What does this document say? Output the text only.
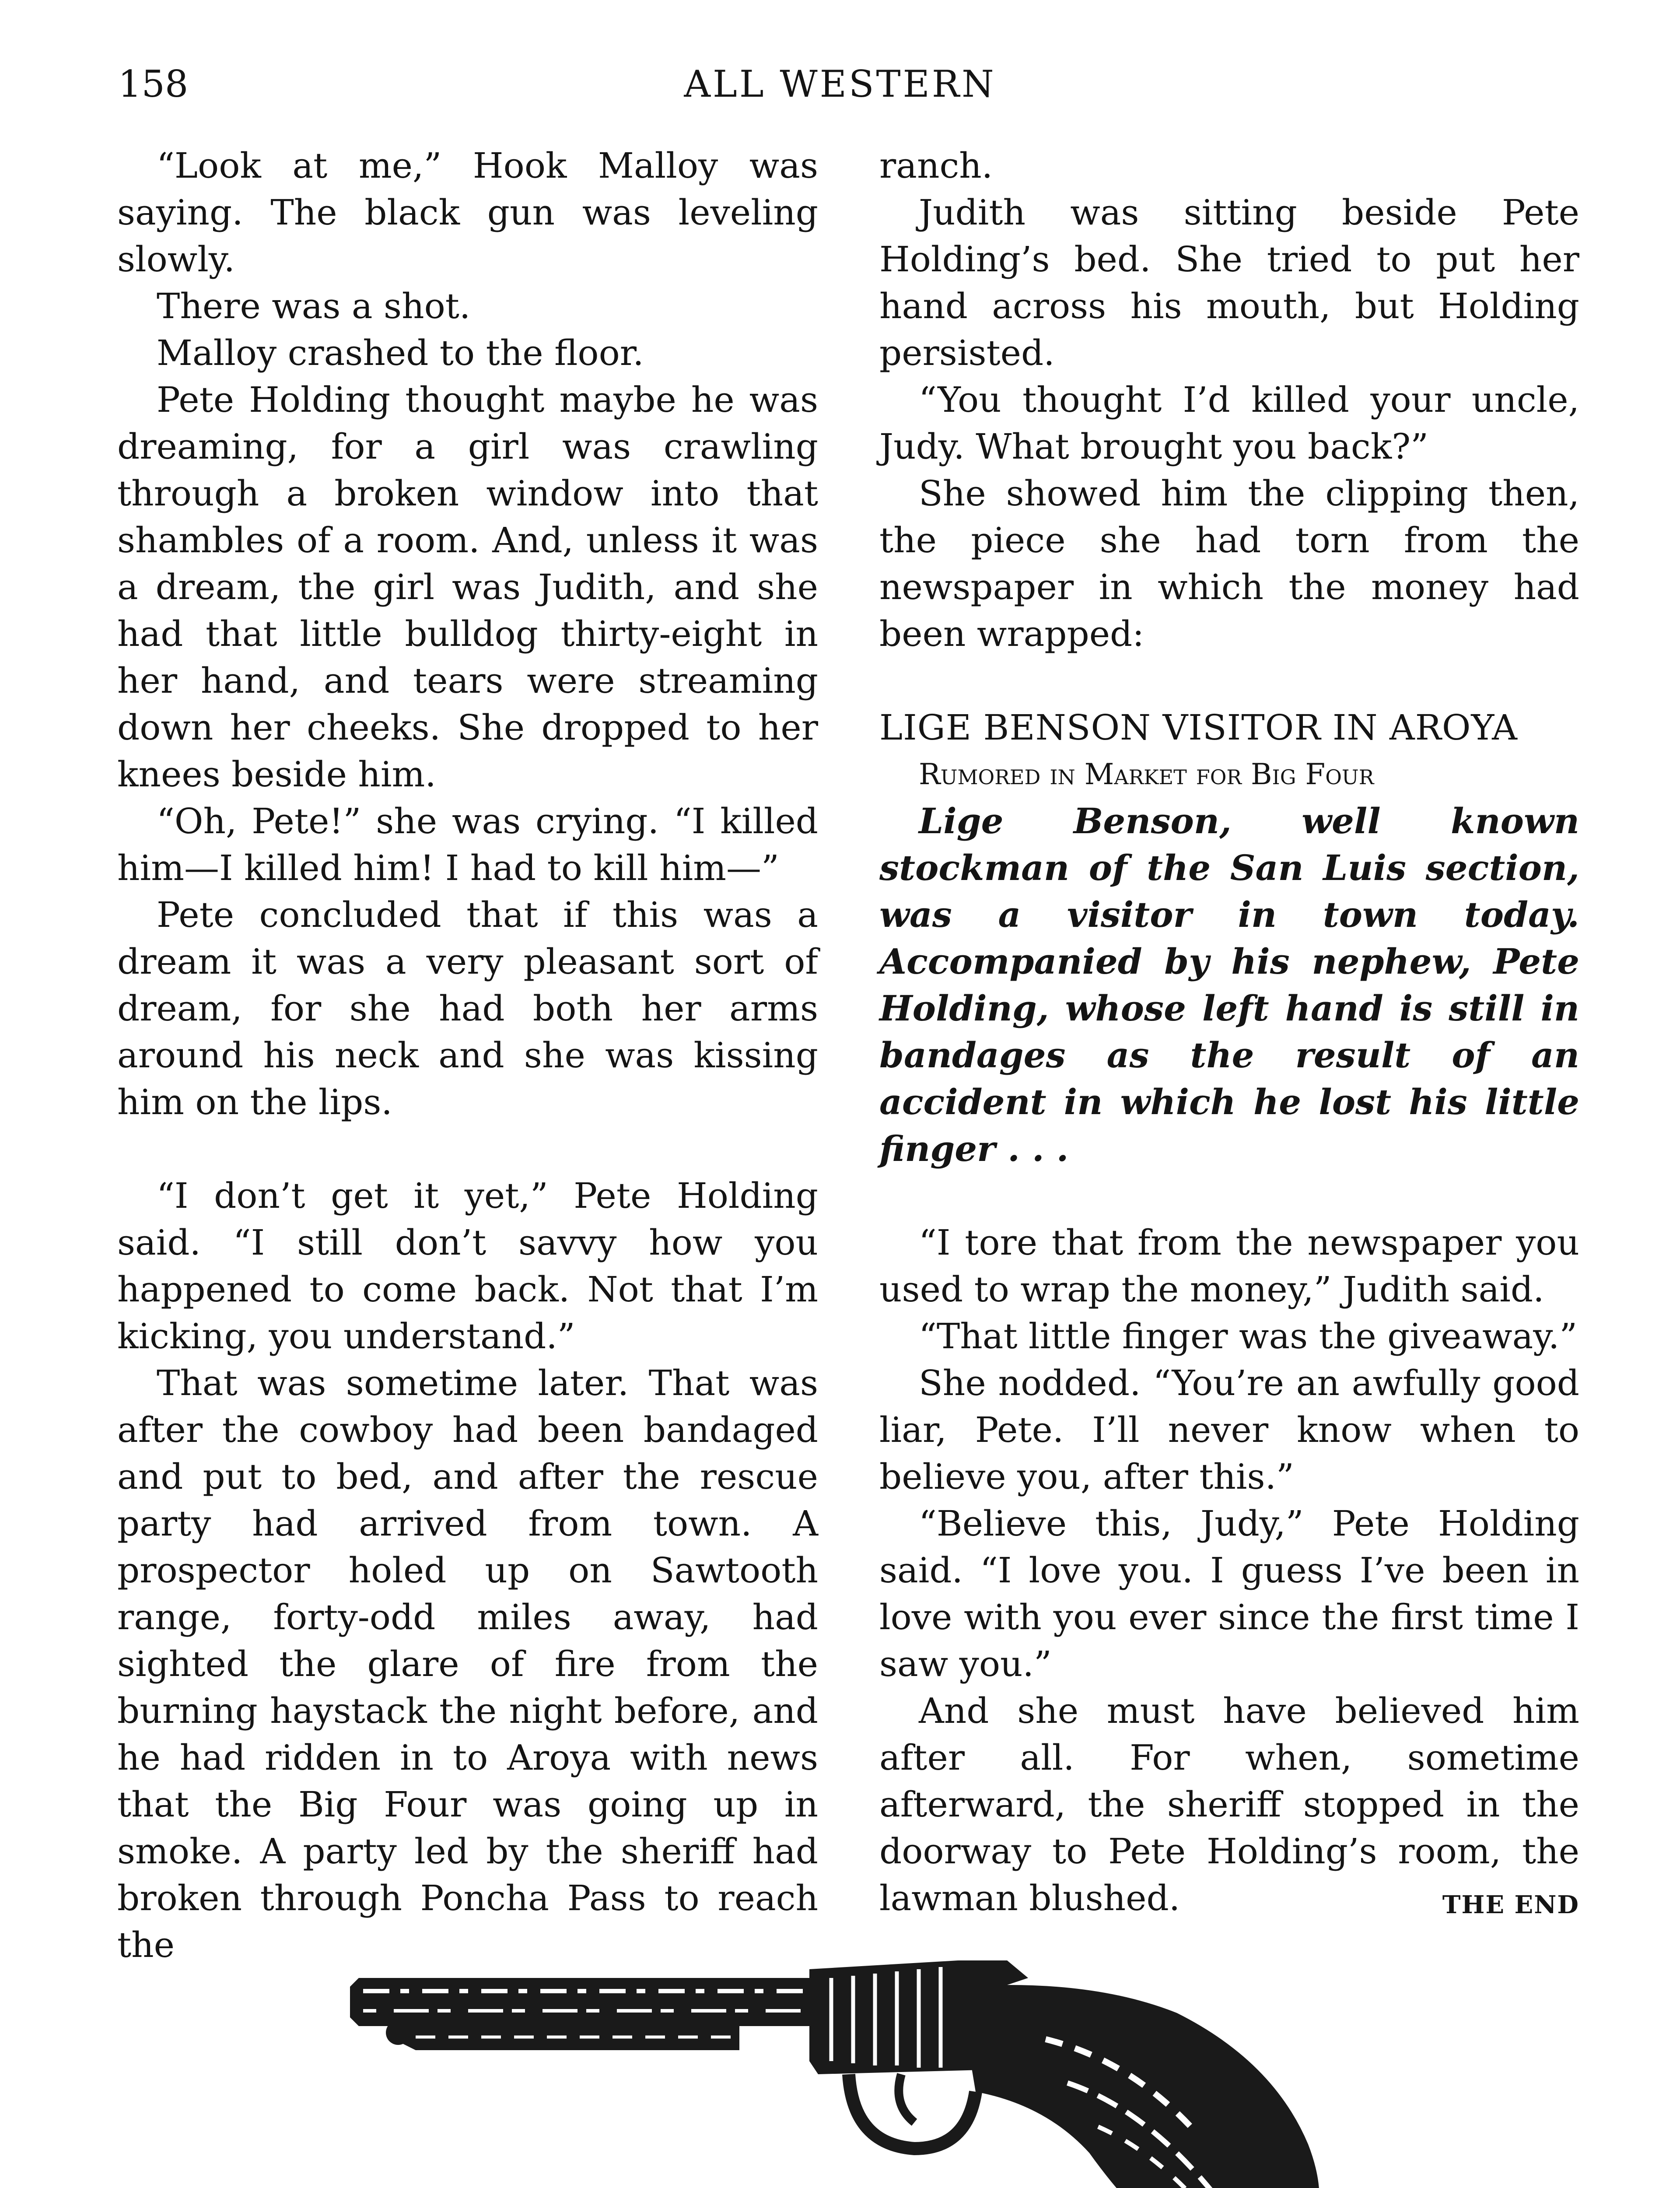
158	ALL WESTERN

“Look at me,” Hook Malloy was saying. The black gun was leveling slowly.

There was a shot.

Malloy crashed to the floor.

Pete Holding thought maybe he was dreaming, for a girl was crawling through a broken window into that shambles of a room. And, unless it was a dream, the girl was Judith, and she had that little bulldog thirty-eight in her hand, and tears were streaming down her cheeks. She dropped to her knees beside him.

“Oh, Pete!” she was crying. “I killed him—I killed him! I had to kill him—”

Pete concluded that if this was a dream it was a very pleasant sort of dream, for she had both her arms around his neck and she was kissing him on the lips.

“I don’t get it yet,” Pete Holding said. “I still don’t savvy how you happened to come back. Not that I’m kicking, you understand.”

That was sometime later. That was after the cowboy had been bandaged and put to bed, and after the rescue party had arrived from town. A prospector holed up on Sawtooth range, forty-odd miles away, had sighted the glare of fire from the burning haystack the night before, and he had ridden in to Aroya with news that the Big Four was going up in smoke. A party led by the sheriff had broken through Poncha Pass to reach the

ranch.

Judith was sitting beside Pete Holding’s bed. She tried to put her hand across his mouth, but Holding persisted.

“You thought I’d killed your uncle, Judy. What brought you back?”

She showed him the clipping then, the piece she had torn from the newspaper in which the money had been wrapped:

LIGE BENSON VISITOR IN AROYA
Rumored in Market for Big Four

Lige Benson, well known stockman of the San Luis section, was a visitor in town today. Accompanied by his nephew, Pete Holding, whose left hand is still in bandages as the result of an accident in which he lost his little finger . . .

“I tore that from the newspaper you used to wrap the money,” Judith said.

“That little finger was the giveaway.”

She nodded. “You’re an awfully good liar, Pete. I’ll never know when to believe you, after this.”

“Believe this, Judy,” Pete Holding said. “I love you. I guess I’ve been in love with you ever since the first time I saw you.”

And she must have believed him after all. For when, sometime afterward, the sheriff stopped in the doorway to Pete Holding’s room, the lawman blushed.	THE END
